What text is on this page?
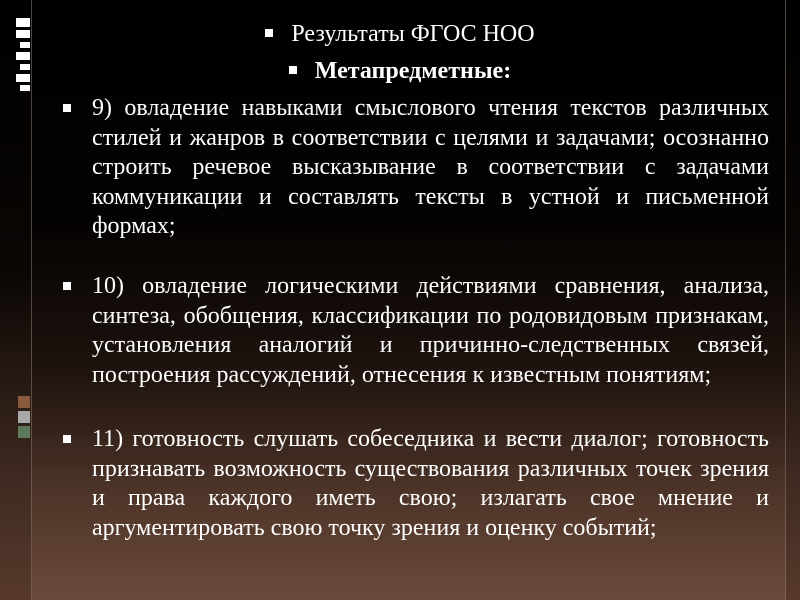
Результаты ФГОС НОО
Метапредметные:
9) овладение навыками смыслового чтения текстов различных стилей и жанров в соответствии с целями и задачами; осознанно строить речевое высказывание в соответствии с задачами коммуникации и составлять тексты в устной и письменной формах;
10) овладение логическими действиями сравнения, анализа, синтеза, обобщения, классификации по родовидовым признакам, установления аналогий и причинно-следственных связей, построения рассуждений, отнесения к известным понятиям;
11) готовность слушать собеседника и вести диалог; готовность признавать возможность существования различных точек зрения и права каждого иметь свою; излагать свое мнение и аргументировать свою точку зрения и оценку событий;
